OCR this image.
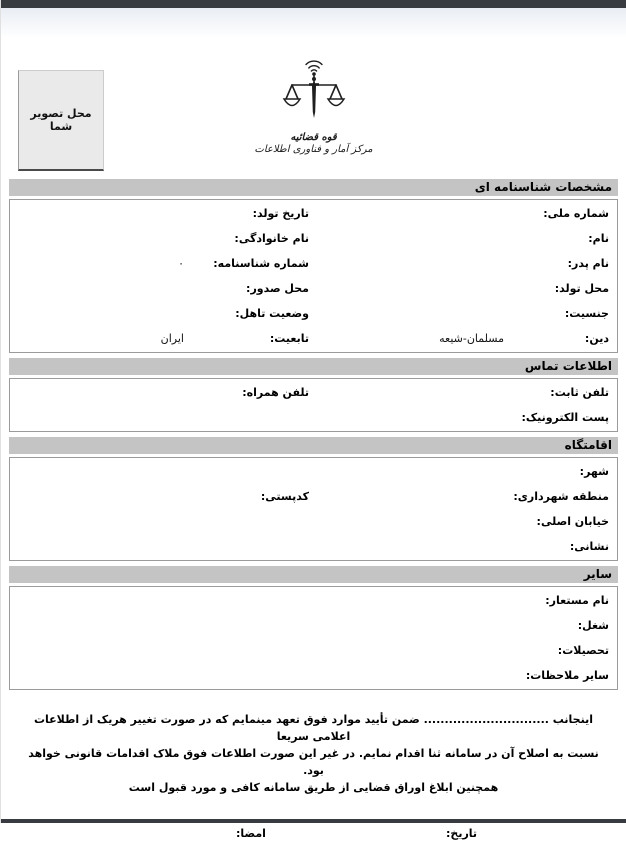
محل تصویر شما
قوه قضائیه
مرکز آمار و فناوری اطلاعات
مشخصات شناسنامه ای
شماره ملی:
تاریخ تولد:
نام:
نام خانوادگی:
نام پدر:
شماره شناسنامه:
۰
محل تولد:
محل صدور:
جنسیت:
وضعیت تاهل:
دین:
مسلمان-شیعه
تابعیت:
ایران
اطلاعات تماس
تلفن ثابت:
تلفن همراه:
پست الکترونیک:
اقامتگاه
شهر:
منطقه شهرداری:
کدپستی:
خیابان اصلی:
نشانی:
سایر
نام مستعار:
شغل:
تحصیلات:
سایر ملاحظات:
اینجانب .............................. ضمن تأیید موارد فوق تعهد مینمایم که در صورت تغییر هریک از اطلاعات اعلامی سریعا
نسبت به اصلاح آن در سامانه ثنا اقدام نمایم. در غیر این صورت اطلاعات فوق ملاک اقدامات قانونی خواهد بود.
همچنین ابلاغ اوراق قضایی از طریق سامانه کافی و مورد قبول است
تاریخ:
امضا:
